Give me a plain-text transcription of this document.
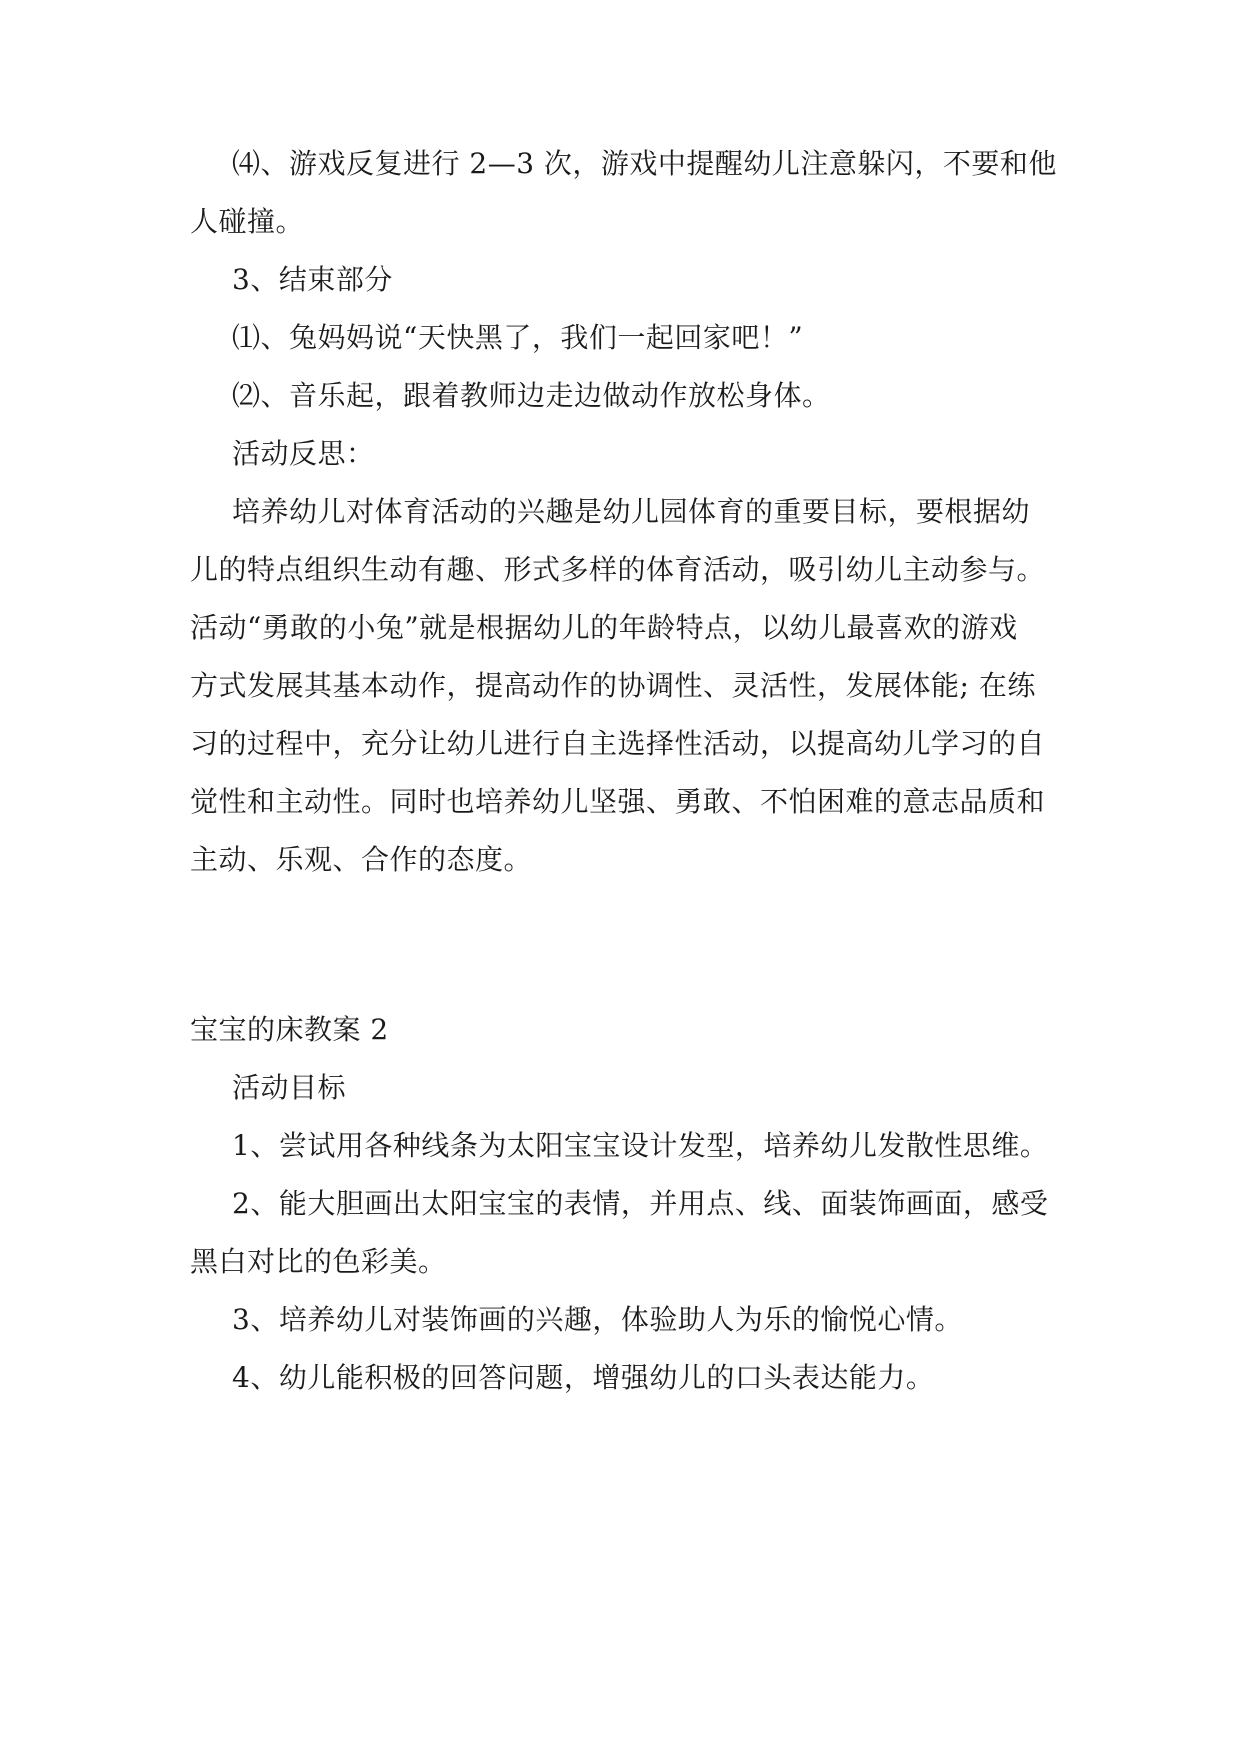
⑷、游戏反复进行 2—3 次，游戏中提醒幼儿注意躲闪，不要和他

人碰撞。

3、结束部分

⑴、兔妈妈说“天快黑了，我们一起回家吧！”

⑵、音乐起，跟着教师边走边做动作放松身体。

活动反思：

培养幼儿对体育活动的兴趣是幼儿园体育的重要目标，要根据幼

儿的特点组织生动有趣、形式多样的体育活动，吸引幼儿主动参与。

活动“勇敢的小兔”就是根据幼儿的年龄特点，以幼儿最喜欢的游戏

方式发展其基本动作，提高动作的协调性、灵活性，发展体能; 在练

习的过程中，充分让幼儿进行自主选择性活动，以提高幼儿学习的自

觉性和主动性。同时也培养幼儿坚强、勇敢、不怕困难的意志品质和

主动、乐观、合作的态度。

宝宝的床教案 2

活动目标

1、尝试用各种线条为太阳宝宝设计发型，培养幼儿发散性思维。

2、能大胆画出太阳宝宝的表情，并用点、线、面装饰画面，感受

黑白对比的色彩美。

3、培养幼儿对装饰画的兴趣，体验助人为乐的愉悦心情。

4、幼儿能积极的回答问题，增强幼儿的口头表达能力。
